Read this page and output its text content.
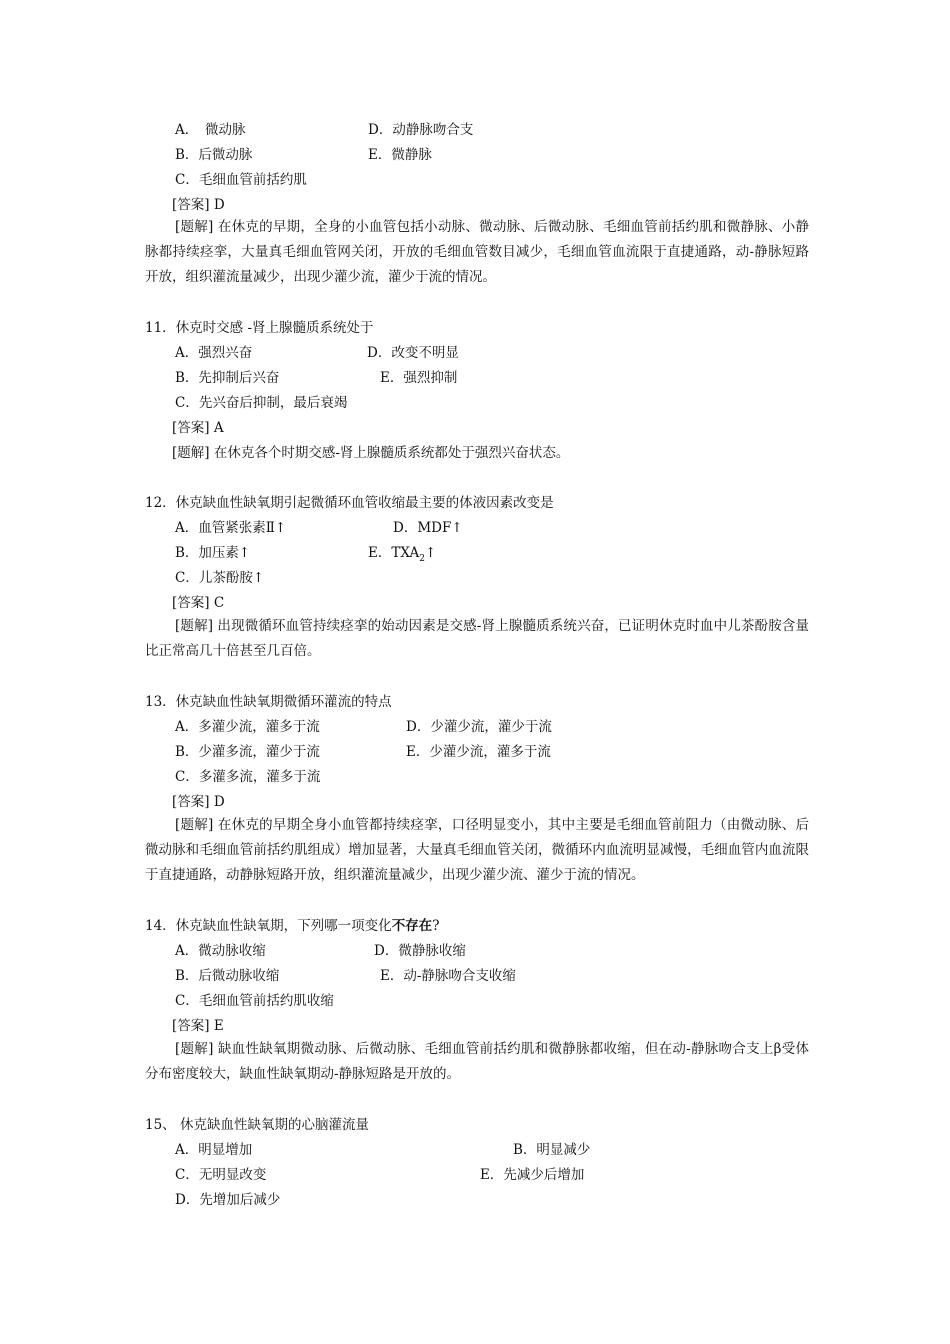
A．　微动脉	D．动静脉吻合支
B．后微动脉	E．微静脉
C．毛细血管前括约肌
[答案] D
[题解] 在休克的早期，全身的小血管包括小动脉、微动脉、后微动脉、毛细血管前括约肌和微静脉、小静脉都持续痉挛，大量真毛细血管网关闭，开放的毛细血管数目减少，毛细血管血流限于直捷通路，动-静脉短路开放，组织灌流量减少，出现少灌少流，灌少于流的情况。
11．休克时交感 -肾上腺髓质系统处于
A．强烈兴奋	D．改变不明显
B．先抑制后兴奋	E．强烈抑制
C．先兴奋后抑制，最后衰竭
[答案] A
[题解] 在休克各个时期交感-肾上腺髓质系统都处于强烈兴奋状态。
12．休克缺血性缺氧期引起微循环血管收缩最主要的体液因素改变是
A．血管紧张素Ⅱ↑	D．MDF↑
B．加压素↑	E．$TXA_2↑$
C．儿茶酚胺↑
[答案] C
[题解] 出现微循环血管持续痉挛的始动因素是交感-肾上腺髓质系统兴奋，已证明休克时血中儿茶酚胺含量比正常高几十倍甚至几百倍。
13．休克缺血性缺氧期微循环灌流的特点
A．多灌少流，灌多于流	D．少灌少流，灌少于流
B．少灌多流，灌少于流	E．少灌少流，灌多于流
C．多灌多流，灌多于流
[答案] D
[题解] 在休克的早期全身小血管都持续痉挛，口径明显变小，其中主要是毛细血管前阻力（由微动脉、后微动脉和毛细血管前括约肌组成）增加显著，大量真毛细血管关闭，微循环内血流明显减慢，毛细血管内血流限于直捷通路，动静脉短路开放，组织灌流量减少，出现少灌少流、灌少于流的情况。
14．休克缺血性缺氧期，下列哪一项变化不存在?
A．微动脉收缩	D．微静脉收缩
B．后微动脉收缩	E．动-静脉吻合支收缩
C．毛细血管前括约肌收缩
[答案] E
[题解] 缺血性缺氧期微动脉、后微动脉、毛细血管前括约肌和微静脉都收缩，但在动-静脉吻合支上β受体分布密度较大，缺血性缺氧期动-静脉短路是开放的。
15、 休克缺血性缺氧期的心脑灌流量
A．明显增加	B．明显减少
C．无明显改变	E．先减少后增加
D．先增加后减少
